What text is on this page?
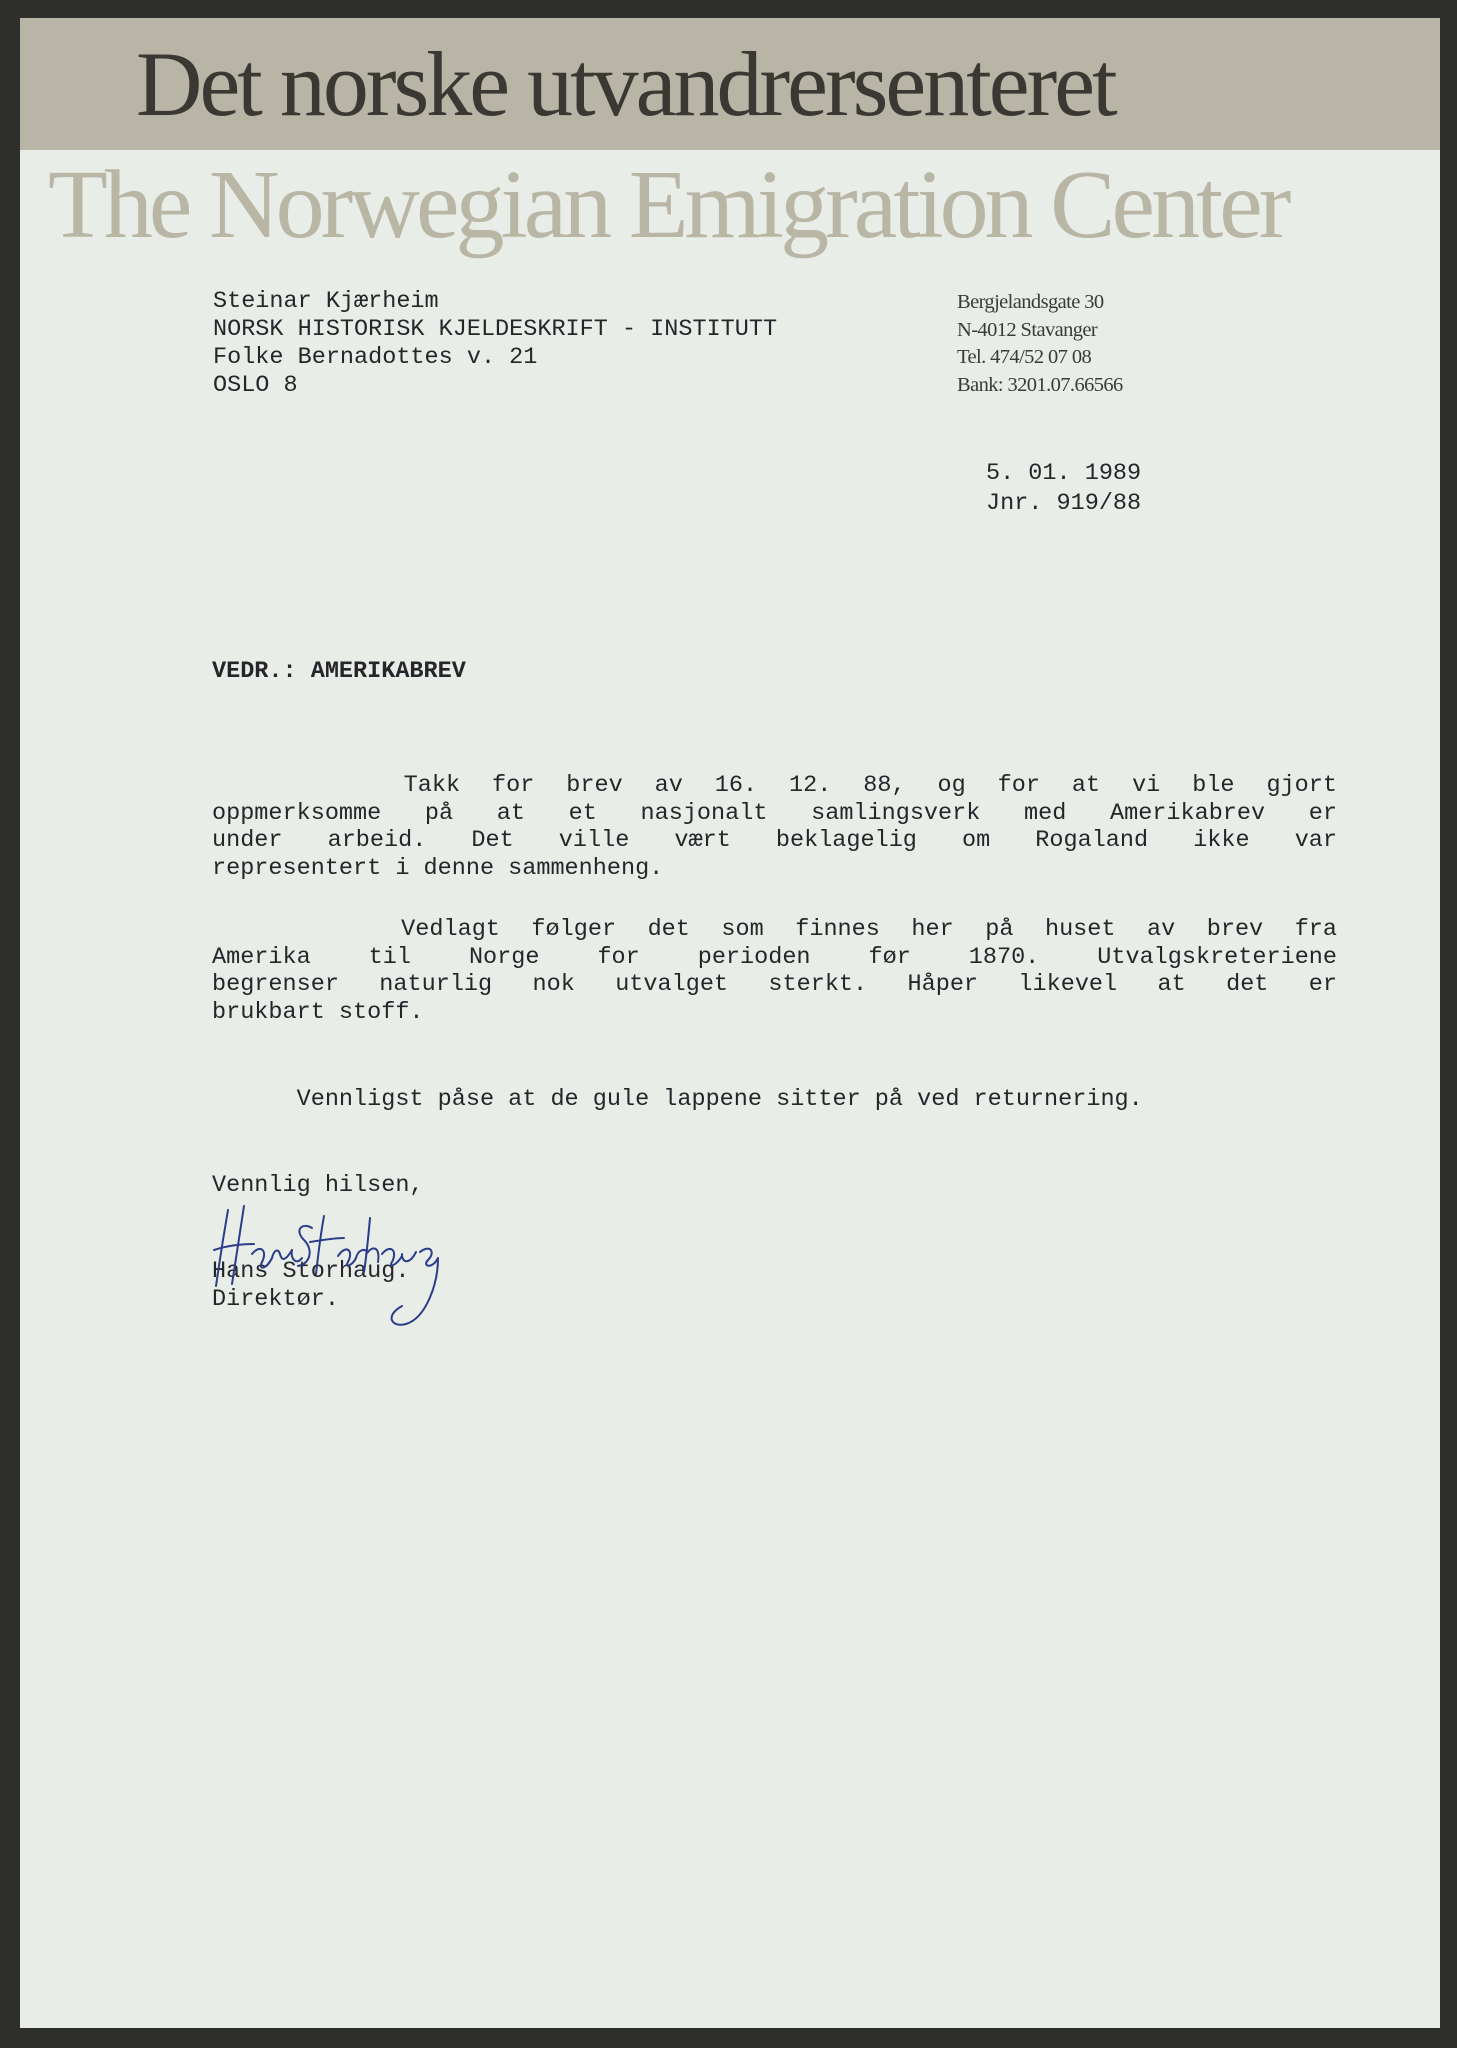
Det norske utvandrersenteret
The Norwegian Emigration Center
Steinar Kjærheim
NORSK HISTORISK KJELDESKRIFT - INSTITUTT
Folke Bernadottes v. 21
OSLO 8
Bergjelandsgate 30
N-4012 Stavanger
Tel. 474/52 07 08
Bank: 3201.07.66566
5. 01. 1989
Jnr. 919/88
VEDR.: AMERIKABREV
Takk for brev av 16. 12. 88, og for at vi ble gjort
oppmerksomme på at et nasjonalt samlingsverk med Amerikabrev er
under arbeid. Det ville vært beklagelig om Rogaland ikke var
representert i denne sammenheng.
Vedlagt følger det som finnes her på huset av brev fra
Amerika til Norge for perioden før 1870. Utvalgskreteriene
begrenser naturlig nok utvalget sterkt. Håper likevel at det er
brukbart stoff.
Vennligst påse at de gule lappene sitter på ved returnering.
Vennlig hilsen,
Hans Storhaug.
Direktør.
